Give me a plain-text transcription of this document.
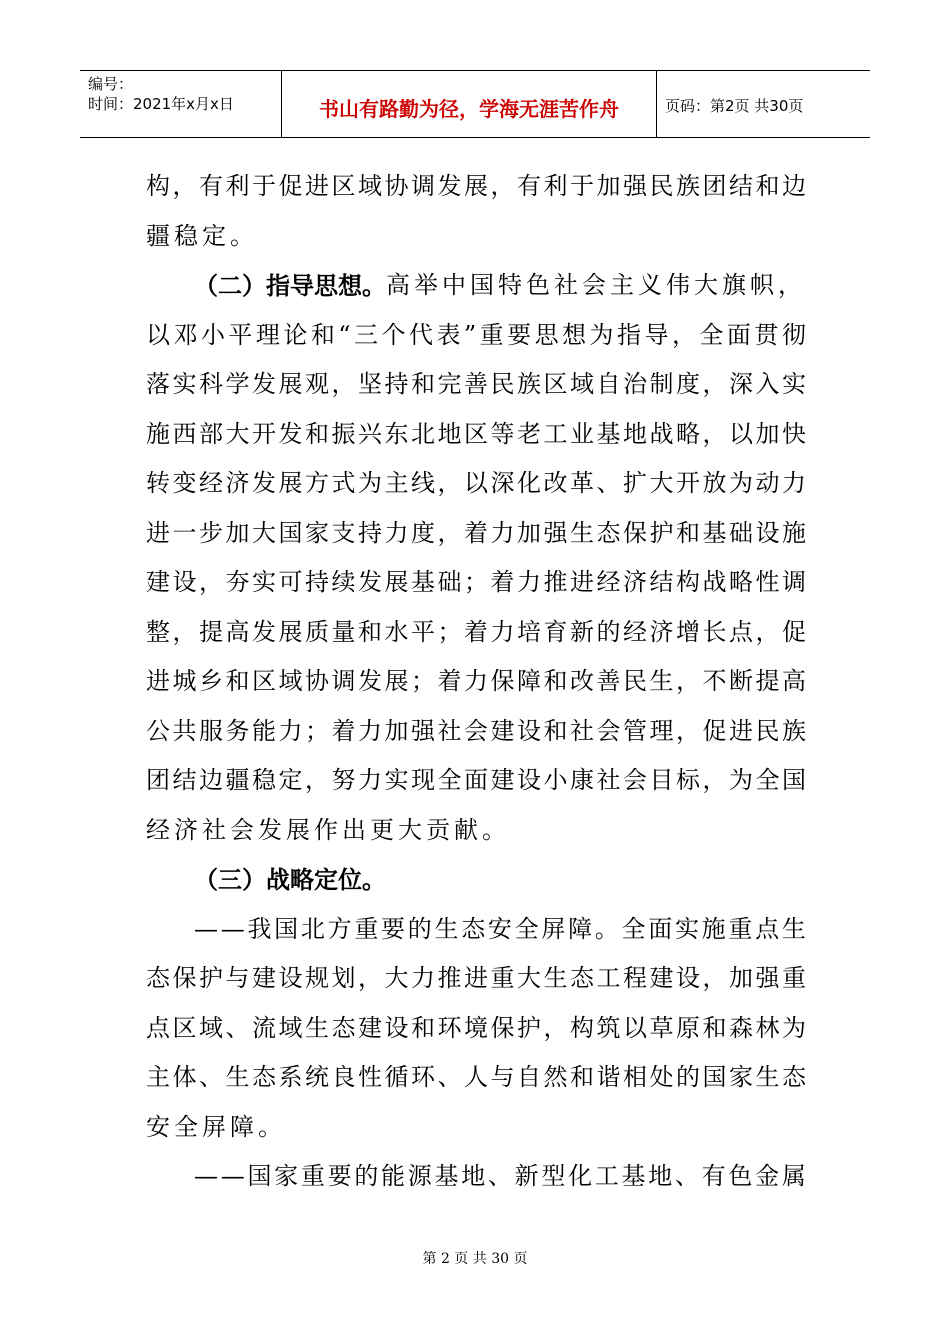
编号：
时间：2021年x月x日	书山有路勤为径，学海无涯苦作舟	页码：第2页 共30页
构 ， 有 利 于 促 进 区 域 协 调 发 展 ， 有 利 于 加 强 民 族 团 结 和 边
疆稳定。
（二）指导思想。 高举中国特色社会主义伟大旗帜，
以 邓 小 平 理 论 和 “ 三 个 代 表 ” 重 要 思 想 为 指 导 ， 全 面 贯 彻
落 实 科 学 发 展 观 ， 坚 持 和 完 善 民 族 区 域 自 治 制 度 ， 深 入 实
施 西 部 大 开 发 和 振 兴 东 北 地 区 等 老 工 业 基 地 战 略 ， 以 加 快
转 变 经 济 发 展 方 式 为 主 线 ， 以 深 化 改 革 、 扩 大 开 放 为 动 力
进 一 步 加 大 国 家 支 持 力 度 ， 着 力 加 强 生 态 保 护 和 基 础 设 施
建 设 ， 夯 实 可 持 续 发 展 基 础 ； 着 力 推 进 经 济 结 构 战 略 性 调
整 ， 提 高 发 展 质 量 和 水 平 ； 着 力 培 育 新 的 经 济 增 长 点 ， 促
进 城 乡 和 区 域 协 调 发 展 ； 着 力 保 障 和 改 善 民 生 ， 不 断 提 高
公 共 服 务 能 力 ； 着 力 加 强 社 会 建 设 和 社 会 管 理 ， 促 进 民 族
团 结 边 疆 稳 定 ， 努 力 实 现 全 面 建 设 小 康 社 会 目 标 ， 为 全 国
经济社会发展作出更大贡献。
（三）战略定位。
— — 我 国 北 方 重 要 的 生 态 安 全 屏 障 。 全 面 实 施 重 点 生
态 保 护 与 建 设 规 划 ， 大 力 推 进 重 大 生 态 工 程 建 设 ， 加 强 重
点 区 域 、 流 域 生 态 建 设 和 环 境 保 护 ， 构 筑 以 草 原 和 森 林 为
主 体 、 生 态 系 统 良 性 循 环 、 人 与 自 然 和 谐 相 处 的 国 家 生 态
安全屏障。
— — 国 家 重 要 的 能 源 基 地 、 新 型 化 工 基 地 、 有 色 金 属
第 2 页 共 30 页
